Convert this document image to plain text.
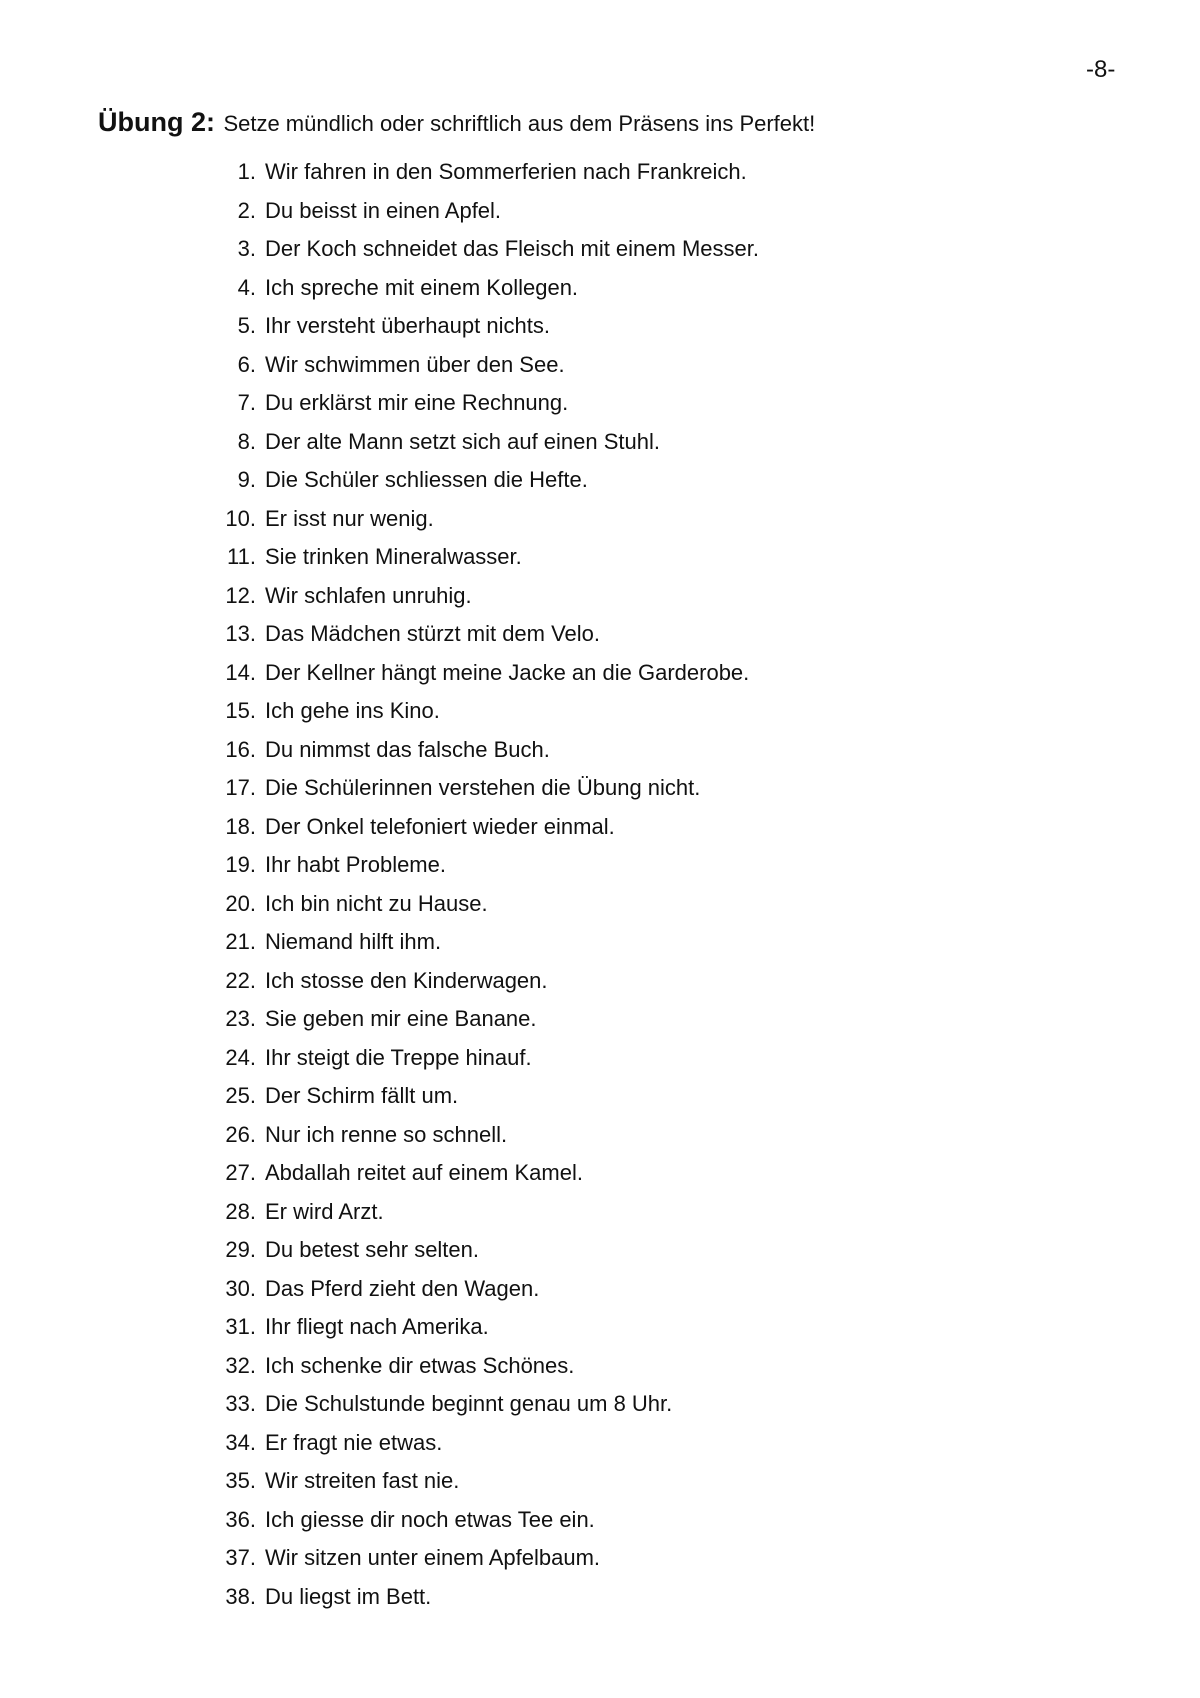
-8-
Übung 2: Setze mündlich oder schriftlich aus dem Präsens ins Perfekt!
1. Wir fahren in den Sommerferien nach Frankreich.
2. Du beisst in einen Apfel.
3. Der Koch schneidet das Fleisch mit einem Messer.
4. Ich spreche mit einem Kollegen.
5. Ihr versteht überhaupt nichts.
6. Wir schwimmen über den See.
7. Du erklärst mir eine Rechnung.
8. Der alte Mann setzt sich auf einen Stuhl.
9. Die Schüler schliessen die Hefte.
10. Er isst nur wenig.
11. Sie trinken Mineralwasser.
12. Wir schlafen unruhig.
13. Das Mädchen stürzt mit dem Velo.
14. Der Kellner hängt meine Jacke an die Garderobe.
15. Ich gehe ins Kino.
16. Du nimmst das falsche Buch.
17. Die Schülerinnen verstehen die Übung nicht.
18. Der Onkel telefoniert wieder einmal.
19. Ihr habt Probleme.
20. Ich bin nicht zu Hause.
21. Niemand hilft ihm.
22. Ich stosse den Kinderwagen.
23. Sie geben mir eine Banane.
24. Ihr steigt die Treppe hinauf.
25. Der Schirm fällt um.
26. Nur ich renne so schnell.
27. Abdallah reitet auf einem Kamel.
28. Er wird Arzt.
29. Du betest sehr selten.
30. Das Pferd zieht den Wagen.
31. Ihr fliegt nach Amerika.
32. Ich schenke dir etwas Schönes.
33. Die Schulstunde beginnt genau um 8 Uhr.
34. Er fragt nie etwas.
35. Wir streiten fast nie.
36. Ich giesse dir noch etwas Tee ein.
37. Wir sitzen unter einem Apfelbaum.
38. Du liegst im Bett.
